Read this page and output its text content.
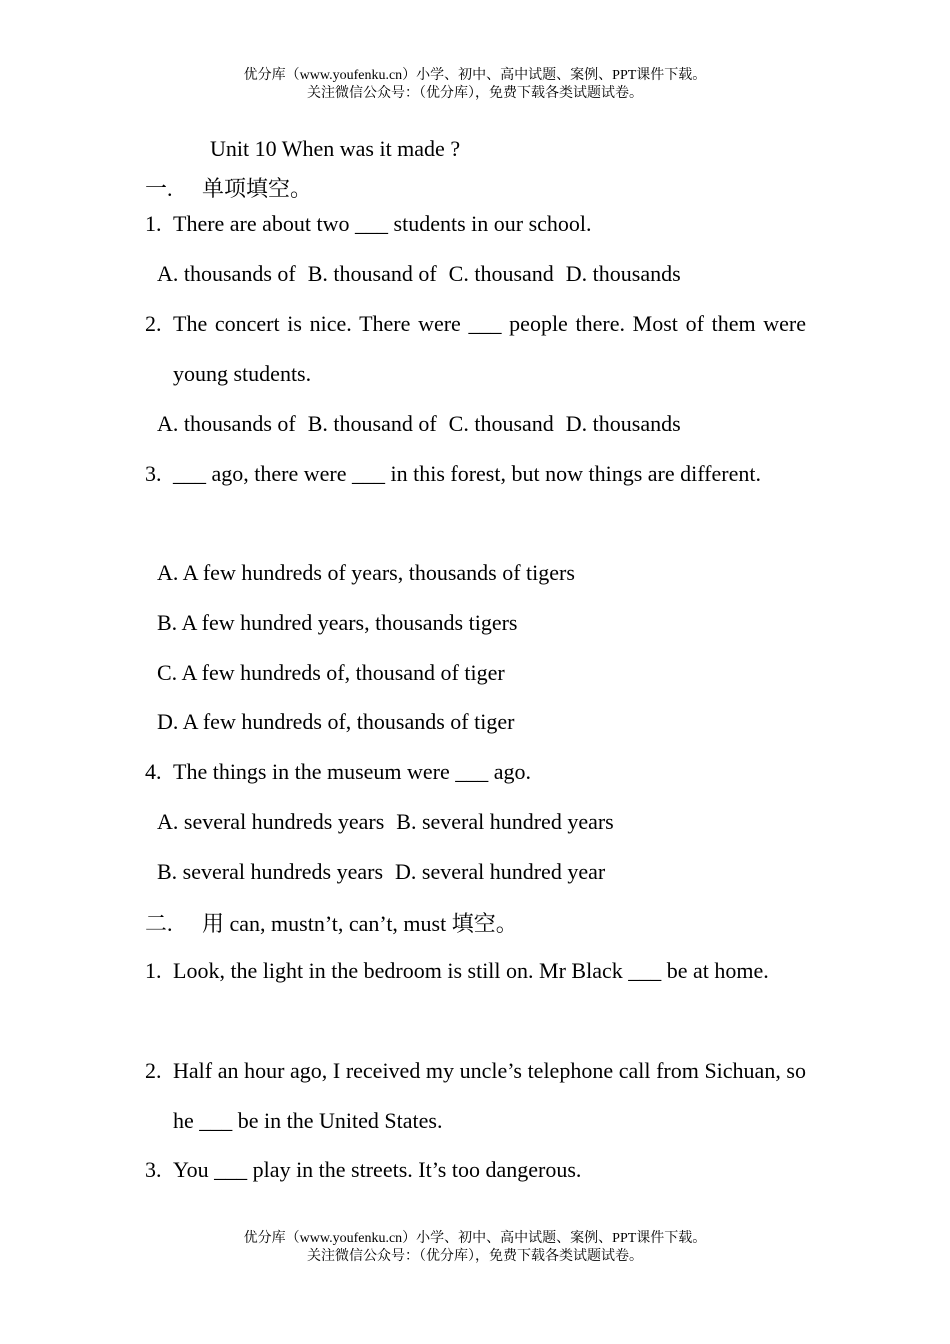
优分库（www.youfenku.cn）小学、初中、高中试题、案例、PPT课件下载。
关注微信公众号：（优分库），免费下载各类试题试卷。
Unit 10 When was it made ?
一. 单项填空。
1. There are about two ___ students in our school.
A. thousands of B. thousand of C. thousand D. thousands
2. The concert is nice. There were ___ people there. Most of them were young students.
A. thousands of B. thousand of C. thousand D. thousands
3. ___ ago, there were ___ in this forest, but now things are different.
A. A few hundreds of years, thousands of tigers
B. A few hundred years, thousands tigers
C. A few hundreds of, thousand of tiger
D. A few hundreds of, thousands of tiger
4. The things in the museum were ___ ago.
A. several hundreds years B. several hundred years
B. several hundreds years D. several hundred year
二. 用 can, mustn’t, can’t, must 填空。
1. Look, the light in the bedroom is still on. Mr Black ___ be at home.
2. Half an hour ago, I received my uncle’s telephone call from Sichuan, so he ___ be in the United States.
3. You ___ play in the streets. It’s too dangerous.
优分库（www.youfenku.cn）小学、初中、高中试题、案例、PPT课件下载。
关注微信公众号：（优分库），免费下载各类试题试卷。
